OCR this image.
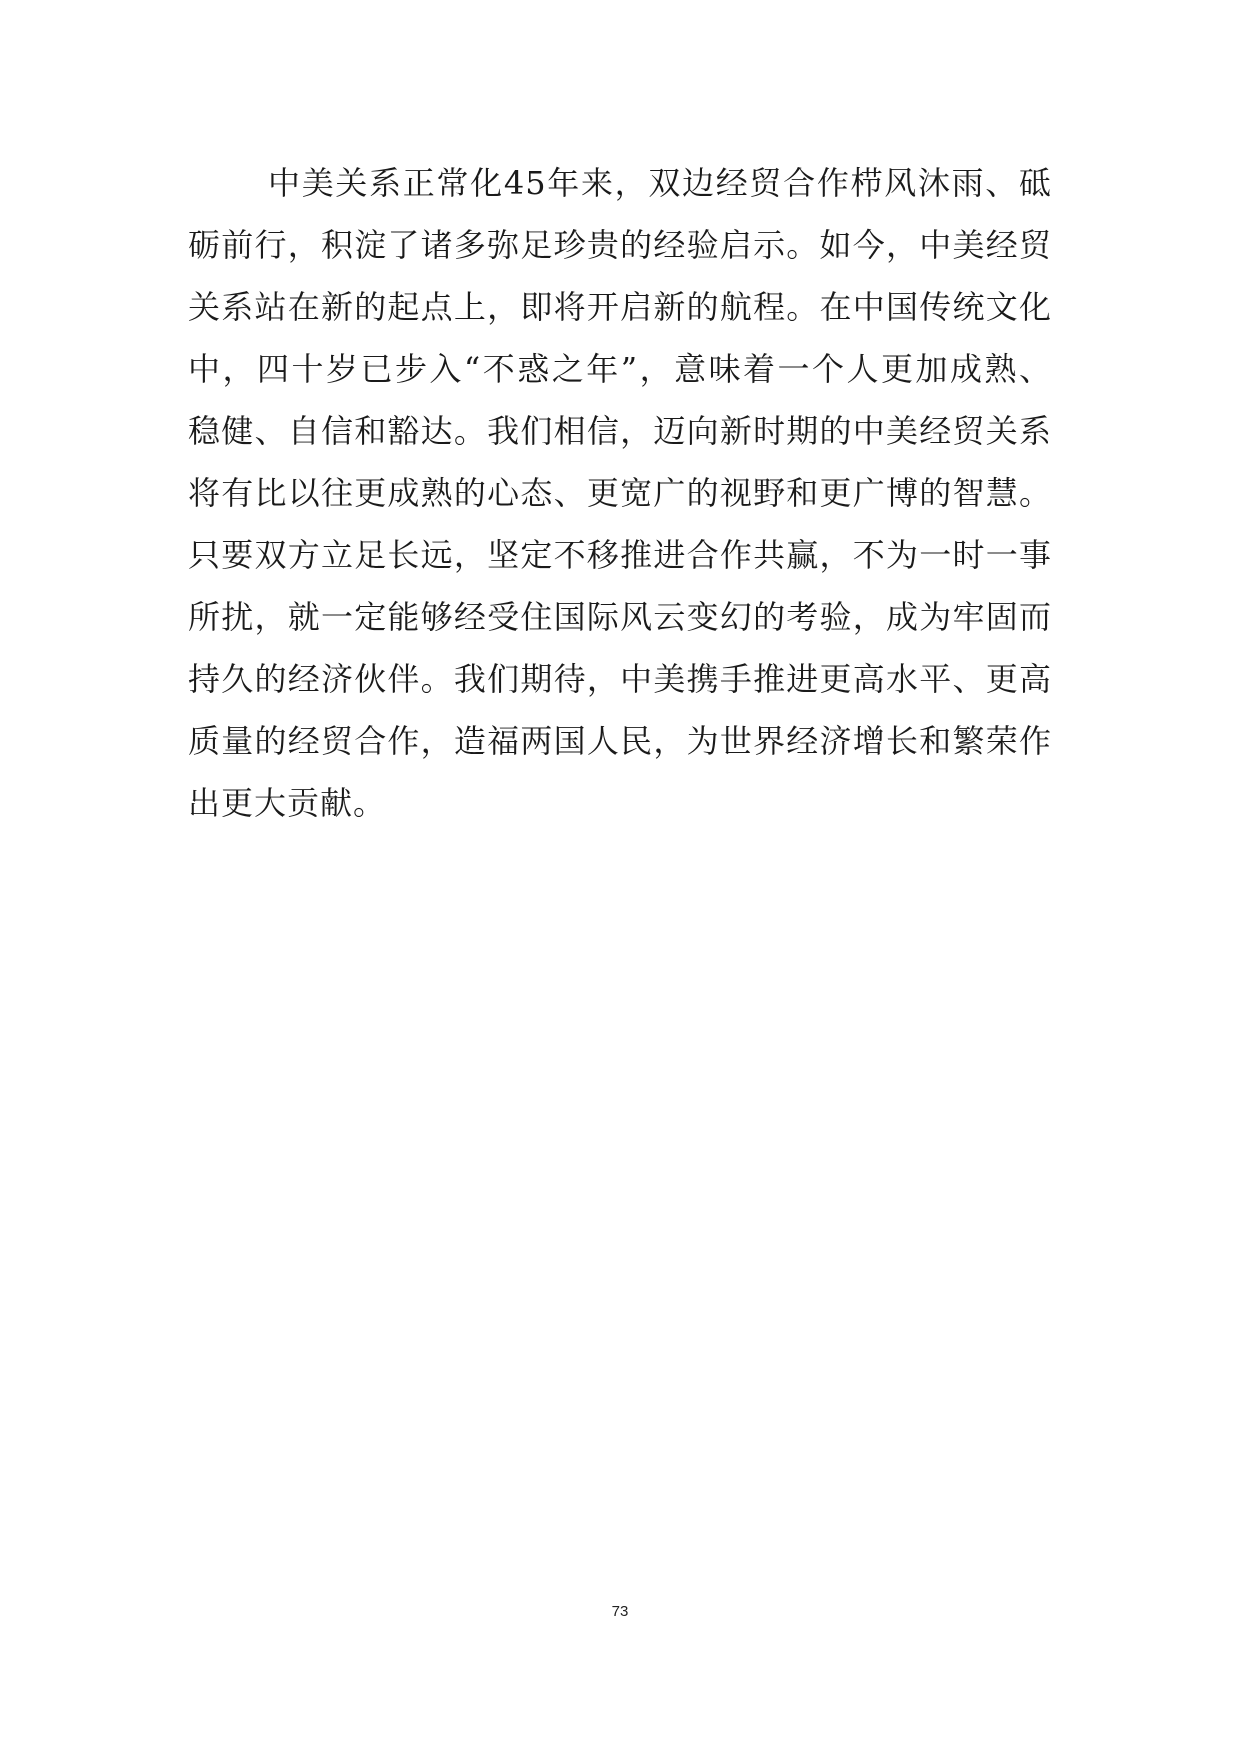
中美关系正常化45年来，双边经贸合作栉风沐雨、砥
砺前行，积淀了诸多弥足珍贵的经验启示。如今，中美经贸
关系站在新的起点上，即将开启新的航程。在中国传统文化
中，四十岁已步入“不惑之年”，意味着一个人更加成熟、
稳健、自信和豁达。我们相信，迈向新时期的中美经贸关系
将有比以往更成熟的心态、更宽广的视野和更广博的智慧。
只要双方立足长远，坚定不移推进合作共赢，不为一时一事
所扰，就一定能够经受住国际风云变幻的考验，成为牢固而
持久的经济伙伴。我们期待，中美携手推进更高水平、更高
质量的经贸合作，造福两国人民，为世界经济增长和繁荣作
出更大贡献。
73
